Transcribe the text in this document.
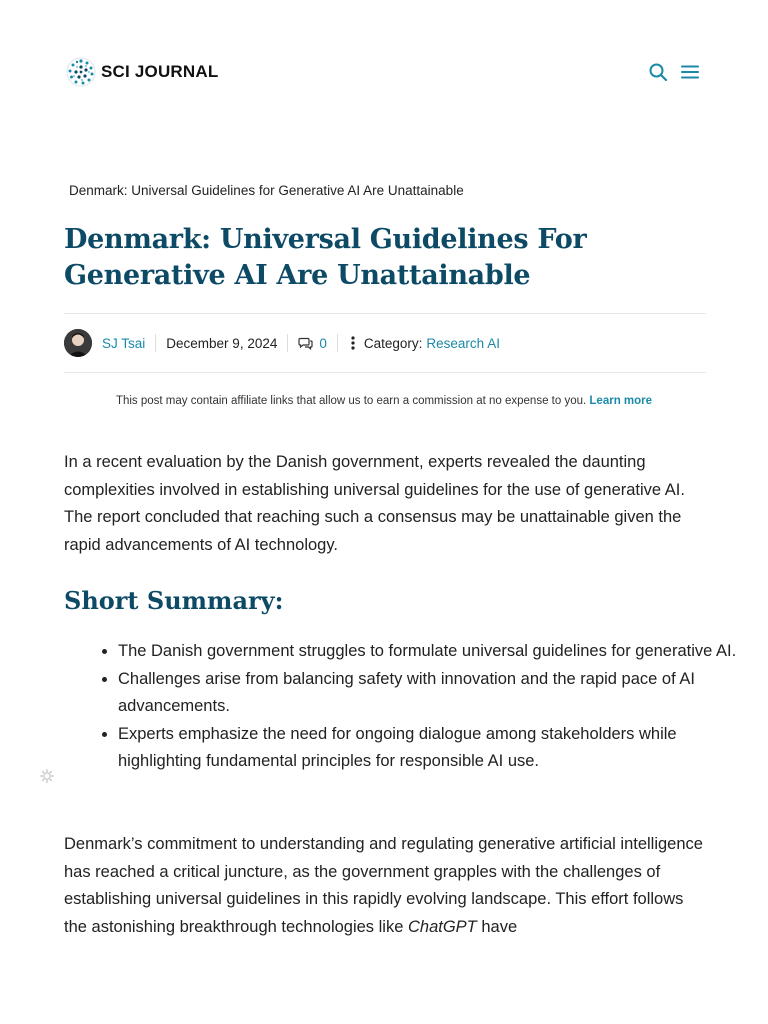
SCI JOURNAL
Denmark: Universal Guidelines for Generative AI Are Unattainable
Denmark: Universal Guidelines For Generative AI Are Unattainable
SJ Tsai December 9, 2024	0	Category: Research AI
This post may contain affiliate links that allow us to earn a commission at no expense to you. Learn more

In a recent evaluation by the Danish government, experts revealed the daunting complexities involved in establishing universal guidelines for the use of generative AI. The report concluded that reaching such a consensus may be unattainable given the rapid advancements of AI technology.

Short Summary:
• The Danish government struggles to formulate universal guidelines for generative AI.
• Challenges arise from balancing safety with innovation and the rapid pace of AI advancements.
• Experts emphasize the need for ongoing dialogue among stakeholders while highlighting fundamental principles for responsible AI use.

Denmark’s commitment to understanding and regulating generative artificial intelligence has reached a critical juncture, as the government grapples with the challenges of establishing universal guidelines in this rapidly evolving landscape. This effort follows the astonishing breakthrough technologies like ChatGPT have
